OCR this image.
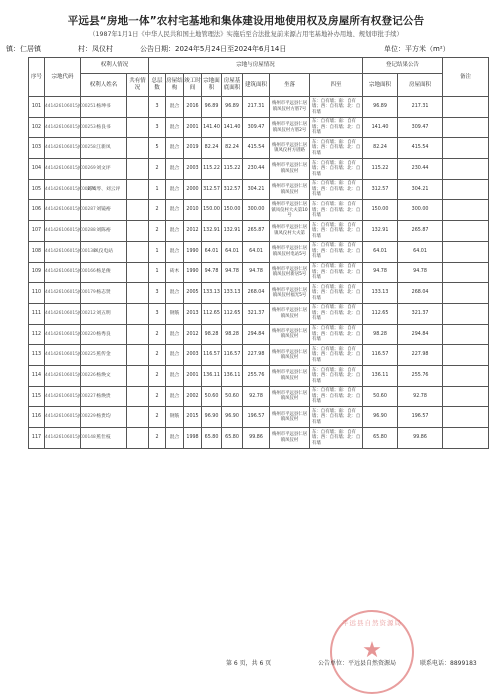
平远县“房地一体”农村宅基地和集体建设用地使用权及房屋所有权登记公告
（1987年1月1日《中华人民共和国土地管理法》实施后至合法批复前来源占用宅基地补办用地、规划审批手续）
镇：仁居镇	村：凤仪村	公告日期：2024年5月24日至2024年6月14日	单位：平方米（m²）
序号	宗地代码	权利人情况		宗地与房屋情况								登记结果公告		备注
		权利人姓名	共有情况	总层数	房屋结构	竣工时间	宗地面积	房屋基底面积	建筑面积	坐落	四至	宗地面积	房屋面积	
101	441426106015JC00251	杨坤书		3	混合	2016	96.89	96.89	217.31	梅州市平远县仁居镇凤仪村方厝7号	东：自有墙；南：自有墙；西：自有墙；北：自有墙	96.89	217.31	
102	441426106015JC00253	杨良书		3	混合	2001	141.40	141.40	309.47	梅州市平远县仁居镇凤仪村方厝2号	东：自有墙；南：自有墙；西：自有墙；北：自有墙	141.40	309.47	
103	441426106015JC00258	江新凤		5	混合	2019	82.24	82.24	415.54	梅州市平远县仁居镇凤仪村方厝路	东：自有墙；南：自有墙；西：自有墙；北：自有墙	82.24	415.54	
104	441426106015JC00269	刘文评		2	混合	2003	115.22	115.22	230.44	梅州市平远县仁居镇凤仪村	东：自有墙；南：自有墙；西：自有墙；北：自有墙	115.22	230.44	
105	441426106015JC00276	刘凤琴、刘云评		1	混合	2000	312.57	312.57	304.21	梅州市平远县仁居镇凤仪村	东：自有墙；南：自有墙；西：自有墙；北：自有墙	312.57	304.21	
106	441426106015JC00287	刘镜裕		2	混合	2010	150.00	150.00	300.00	梅州市平远县仁居镇凤仪村大夫第10号	东：自有墙；南：自有墙；西：自有墙；北：自有墙	150.00	300.00	
107	441426106015JC00288	刘陈裕		2	混合	2012	132.91	132.91	265.87	梅州市平远县仁居镇凤仪村大夫第	东：自有墙；南：自有墙；西：自有墙；北：自有墙	132.91	265.87	
108	441426106015JC00138	凤仪电站		1	混合	1990	64.01	64.01	64.01	梅州市平远县仁居镇凤仪村电站5号	东：自有墙；南：自有墙；西：自有墙；北：自有墙	64.01	64.01	
109	441426106015JC00166	杨足俊		1	砖木	1990	94.78	94.78	94.78	梅州市平远县仁居镇凤仪村新居5号	东：自有墙；南：自有墙；西：自有墙；北：自有墙	94.78	94.78	
110	441426106015JC00179	杨志贤		3	混合	2005	133.13	133.13	268.04	梅州市平远县仁居镇凤仪村福光5号	东：自有墙；南：自有墙；西：自有墙；北：自有墙	133.13	268.04	
111	441426106015JC00212	刘五明		3	钢筋	2013	112.65	112.65	321.37	梅州市平远县仁居镇凤仪村	东：自有墙；南：自有墙；西：自有墙；北：自有墙	112.65	321.37	
112	441426106015JC00220	杨秀良		2	混合	2012	98.28	98.28	294.84	梅州市平远县仁居镇凤仪村	东：自有墙；南：自有墙；西：自有墙；北：自有墙	98.28	294.84	
113	441426106015JC00225	蕉传金		2	混合	2003	116.57	116.57	227.98	梅州市平远县仁居镇凤仪村	东：自有墙；南：自有墙；西：自有墙；北：自有墙	116.57	227.98	
114	441426106015JC00226	杨焕文		2	混合	2001	136.11	136.11	255.76	梅州市平远县仁居镇凤仪村	东：自有墙；南：自有墙；西：自有墙；北：自有墙	136.11	255.76	
115	441426106015JC00227	杨焕贵		2	混合	2002	50.60	50.60	92.78	梅州市平远县仁居镇凤仪村	东：自有墙；南：自有墙；西：自有墙；北：自有墙	50.60	92.78	
116	441426106015JC00229	杨贵均		2	钢筋	2015	96.90	96.90	196.57	梅州市平远县仁居镇凤仪村	东：自有墙；南：自有墙；西：自有墙；北：自有墙	96.90	196.57	
117	441426106015JC00148	蕉仕枝		2	混合	1998	65.80	65.80	99.86	梅州市平远县仁居镇凤仪村	东：自有墙；南：自有墙；西：自有墙；北：自有墙	65.80	99.86	
平远县自然资源局
★
第 6 页，共 6 页	公告单位：平远县自然资源局	联系电话：8899183
